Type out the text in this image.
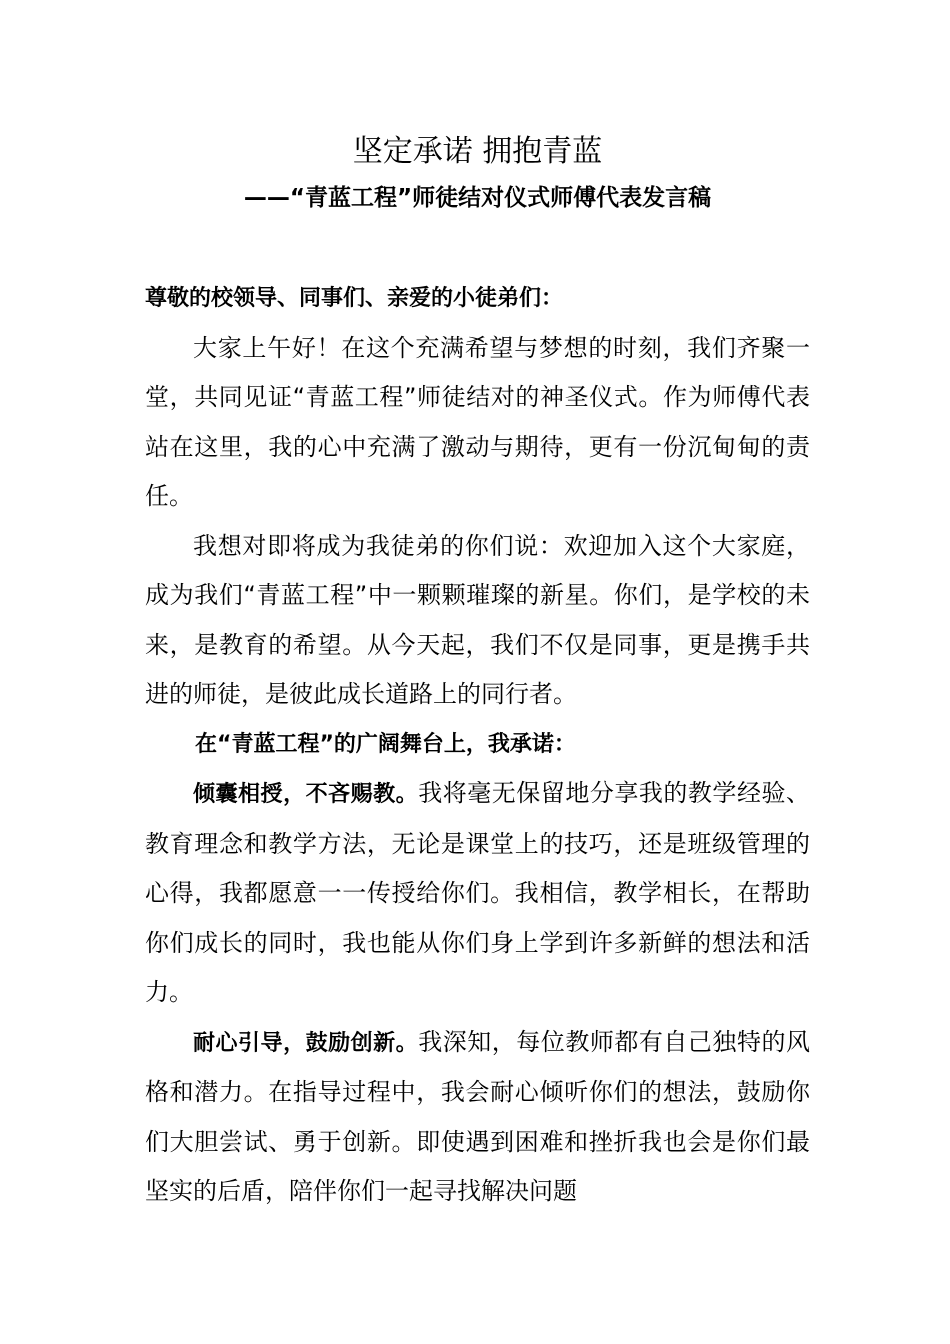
坚定承诺 拥抱青蓝
——“青蓝工程”师徒结对仪式师傅代表发言稿
尊敬的校领导、同事们、亲爱的小徒弟们：

大家上午好！在这个充满希望与梦想的时刻，我们齐聚一堂，共同见证“青蓝工程”师徒结对的神圣仪式。作为师傅代表站在这里，我的心中充满了激动与期待，更有一份沉甸甸的责任。

我想对即将成为我徒弟的你们说：欢迎加入这个大家庭，成为我们“青蓝工程”中一颗颗璀璨的新星。你们，是学校的未来，是教育的希望。从今天起，我们不仅是同事，更是携手共进的师徒，是彼此成长道路上的同行者。

在“青蓝工程”的广阔舞台上，我承诺：

倾囊相授，不吝赐教。我将毫无保留地分享我的教学经验、教育理念和教学方法，无论是课堂上的技巧，还是班级管理的心得，我都愿意一一传授给你们。我相信，教学相长，在帮助你们成长的同时，我也能从你们身上学到许多新鲜的想法和活力。

耐心引导，鼓励创新。我深知，每位教师都有自己独特的风格和潜力。在指导过程中，我会耐心倾听你们的想法，鼓励你们大胆尝试、勇于创新。即使遇到困难和挫折我也会是你们最坚实的后盾，陪伴你们一起寻找解决问题
